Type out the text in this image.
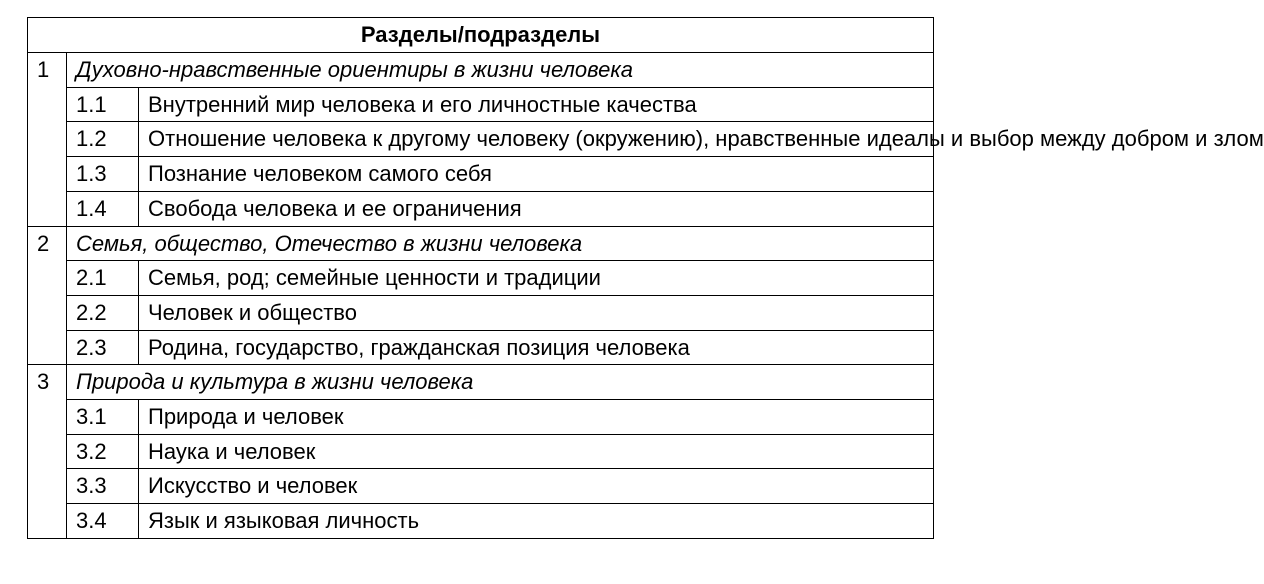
Разделы/подразделы		
1	Духовно-нравственные ориентиры в жизни человека	
	1.1	Внутренний мир человека и его личностные качества
	1.2	Отношение человека к другому человеку (окружению), нравственные идеалы и выбор между добром и злом
	1.3	Познание человеком самого себя
	1.4	Свобода человека и ее ограничения
2	Семья, общество, Отечество в жизни человека	
	2.1	Семья, род; семейные ценности и традиции
	2.2	Человек и общество
	2.3	Родина, государство, гражданская позиция человека
3	Природа и культура в жизни человека	
	3.1	Природа и человек
	3.2	Наука и человек
	3.3	Искусство и человек
	3.4	Язык и языковая личность
